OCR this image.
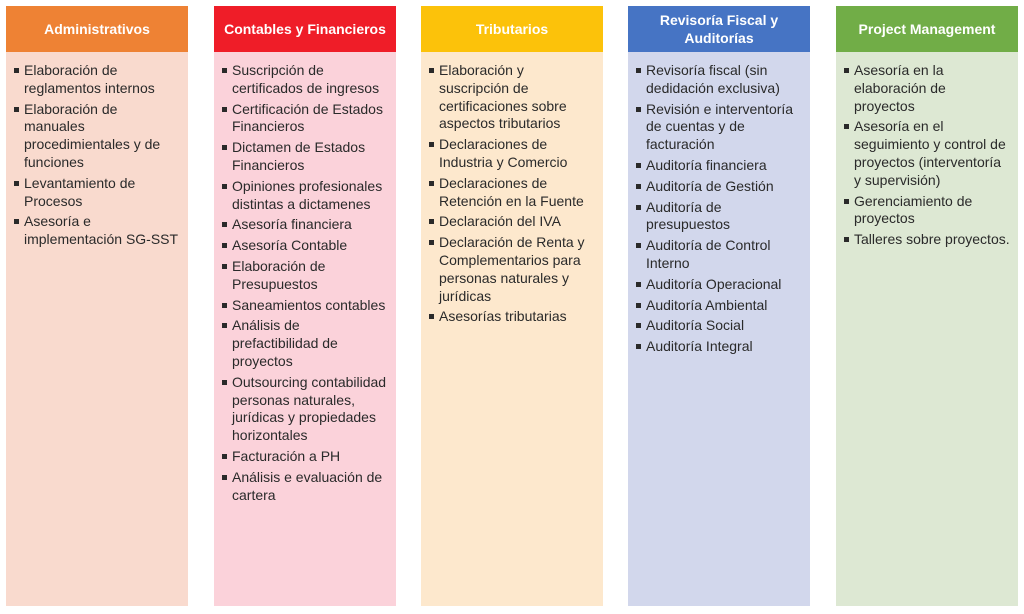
Administrativos
Elaboración de reglamentos internos
Elaboración de manuales procedimientales y de funciones
Levantamiento de Procesos
Asesoría e implementación SG-SST
Contables y Financieros
Suscripción de certificados de ingresos
Certificación de Estados Financieros
Dictamen de Estados Financieros
Opiniones profesionales distintas a dictamenes
Asesoría financiera
Asesoría Contable
Elaboración de Presupuestos
Saneamientos contables
Análisis de prefactibilidad de proyectos
Outsourcing contabilidad personas naturales, jurídicas y propiedades horizontales
Facturación a PH
Análisis e evaluación de cartera
Tributarios
Elaboración y suscripción de certificaciones sobre aspectos tributarios
Declaraciones de Industria y Comercio
Declaraciones de Retención en la Fuente
Declaración del IVA
Declaración de Renta y Complementarios para personas naturales y jurídicas
Asesorías tributarias
Revisoría Fiscal y Auditorías
Revisoría fiscal (sin dedidación exclusiva)
Revisión e interventoría de cuentas y de facturación
Auditoría financiera
Auditoría de Gestión
Auditoría de presupuestos
Auditoría de Control Interno
Auditoría Operacional
Auditoría Ambiental
Auditoría Social
Auditoría Integral
Project Management
Asesoría en la elaboración de proyectos
Asesoría en el seguimiento y control de proyectos (interventoría y supervisión)
Gerenciamiento de proyectos
Talleres sobre proyectos.
